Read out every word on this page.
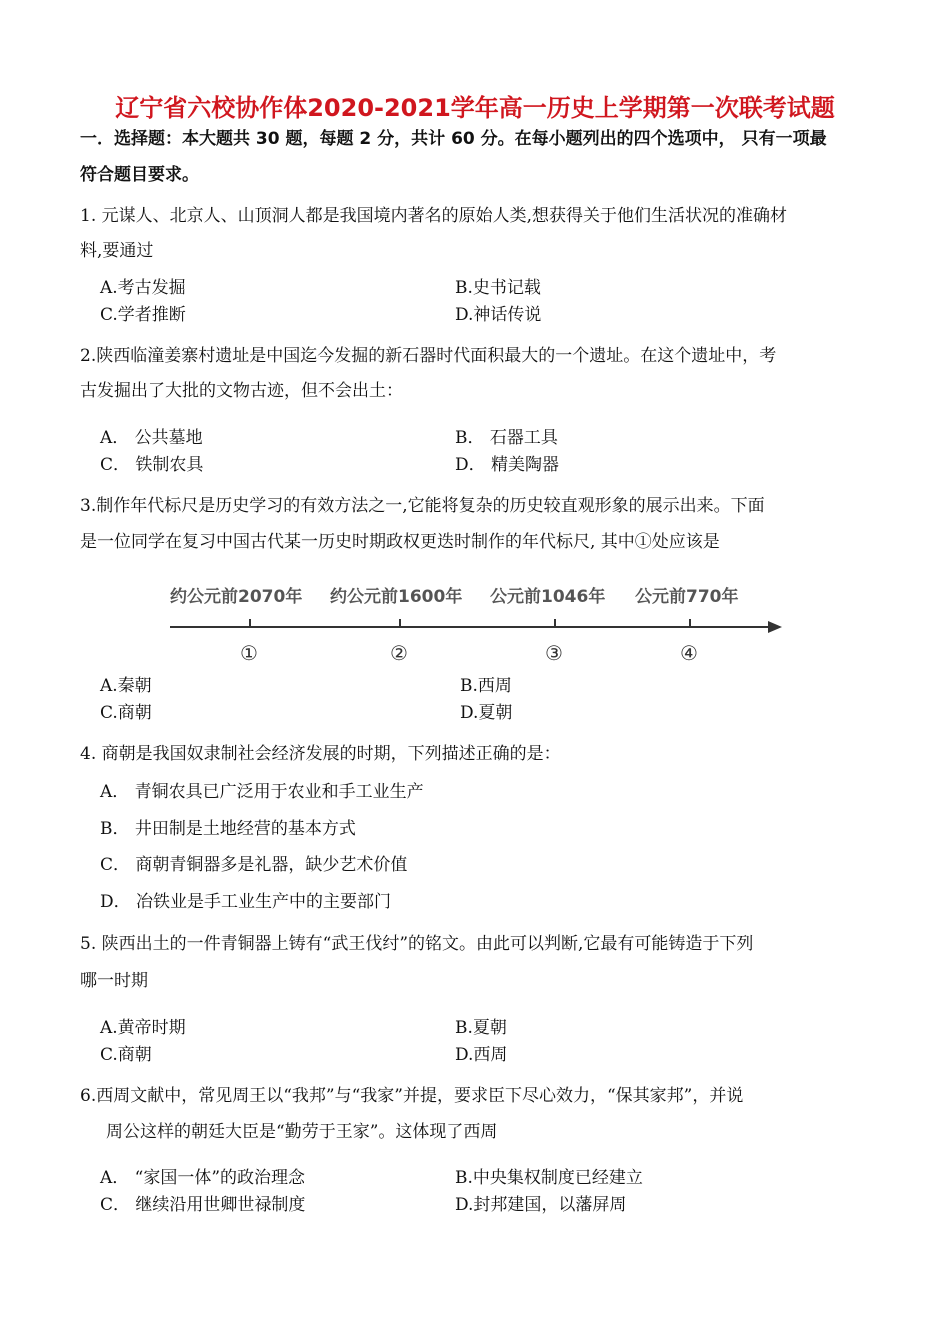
辽宁省六校协作体2020-2021学年高一历史上学期第一次联考试题
一．选择题：本大题共 30 题，每题 2 分，共计 60 分。在每小题列出的四个选项中， 只有一项最
符合题目要求。
1. 元谋人、北京人、山顶洞人都是我国境内著名的原始人类,想获得关于他们生活状况的准确材
料,要通过
A.考古发掘	B.史书记载
C.学者推断	D.神话传说
2.陕西临潼姜寨村遗址是中国迄今发掘的新石器时代面积最大的一个遗址。在这个遗址中，考
古发掘出了大批的文物古迹，但不会出土：
A． 公共墓地	B． 石器工具
C． 铁制农具	D． 精美陶器
3.制作年代标尺是历史学习的有效方法之一,它能将复杂的历史较直观形象的展示出来。下面
是一位同学在复习中国古代某一历史时期政权更迭时制作的年代标尺, 其中①处应该是
约公元前2070年 约公元前1600年 公元前1046年 公元前770年
①	②	③	④
A.秦朝	B.西周
C.商朝	D.夏朝
4. 商朝是我国奴隶制社会经济发展的时期，下列描述正确的是：
A． 青铜农具已广泛用于农业和手工业生产
B． 井田制是土地经营的基本方式
C． 商朝青铜器多是礼器，缺少艺术价值
D． 冶铁业是手工业生产中的主要部门
5. 陕西出土的一件青铜器上铸有“武王伐纣”的铭文。由此可以判断,它最有可能铸造于下列
哪一时期
A.黄帝时期	B.夏朝
C.商朝	D.西周
6.西周文献中，常见周王以“我邦”与“我家”并提，要求臣下尽心效力，“保其家邦”，并说
周公这样的朝廷大臣是“勤劳于王家”。这体现了西周
A． “家国一体”的政治理念	B.中央集权制度已经建立
C． 继续沿用世卿世禄制度	D.封邦建国，以藩屏周
